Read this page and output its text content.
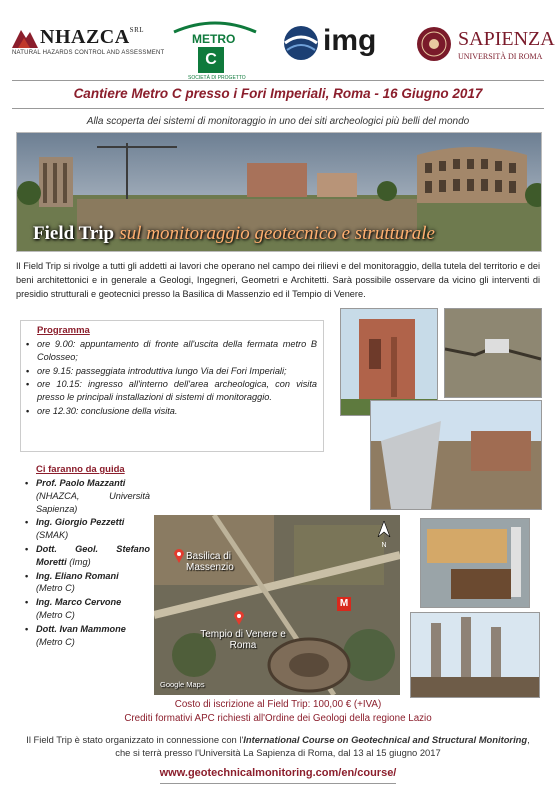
$NHAZCA^{SRL}$
NATURAL HAZARDS CONTROL AND ASSESSMENT
METRO
C
SOCIETÀ DI PROGETTO
img	SAPIENZA
UNIVERSITÀ DI ROMA
Cantiere Metro C presso i Fori Imperiali, Roma - 16 Giugno 2017
Alla scoperta dei sistemi di monitoraggio in uno dei siti archeologici più belli del mondo
Field Trip sul monitoraggio geotecnico e strutturale
Il Field Trip si rivolge a tutti gli addetti ai lavori che operano nel campo dei rilievi e del monitoraggio, della tutela del territorio e dei beni architettonici e in generale a Geologi, Ingegneri, Geometri e Architetti. Sarà possibile osservare da vicino gli interventi di presidio strutturali e geotecnici presso la Basilica di Massenzio ed il Tempio di Venere.
Programma
• ore 9.00: appuntamento di fronte all'uscita della fermata metro B Colosseo;
• ore 9.15: passeggiata introduttiva lungo Via dei Fori Imperiali;
• ore 10.15: ingresso all'interno dell'area archeologica, con visita presso le principali installazioni di sistemi di monitoraggio.
• ore 12.30: conclusione della visita.
Ci faranno da guida
• Prof. Paolo Mazzanti
(NHAZCA, Università Sapienza)
• Ing. Giorgio Pezzetti
(SMAK)
• Dott. Geol. Stefano Moretti (Img)
• Ing. Eliano Romani
(Metro C)
• Ing. Marco Cervone
(Metro C)
• Dott. Ivan Mammone
(Metro C)
Basilica di Massenzio
Tempio di Venere e Roma
M
N
Google Maps
Costo di iscrizione al Field Trip: 100,00 € (+IVA)
Crediti formativi APC richiesti all'Ordine dei Geologi della regione Lazio
Il Field Trip è stato organizzato in connessione con l'International Course on Geotechnical and Structural Monitoring, che si terrà presso l'Università La Sapienza di Roma, dal 13 al 15 giugno 2017
www.geotechnicalmonitoring.com/en/course/
